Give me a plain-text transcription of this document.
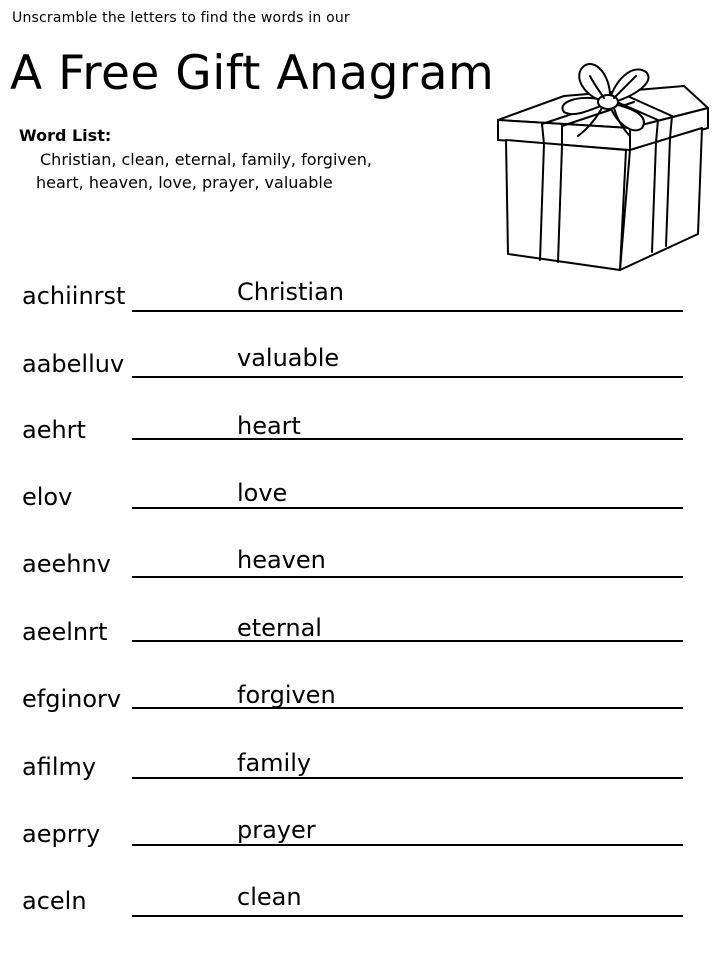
Unscramble the letters to find the words in our
A Free Gift Anagram
Word List:
Christian, clean, eternal, family, forgiven,
heart, heaven, love, prayer, valuable
achiinrst	Christian
aabelluv	valuable
aehrt	heart
elov	love
aeehnv	heaven
aeelnrt	eternal
efginorv	forgiven
afilmy	family
aeprry	prayer
aceln	clean
